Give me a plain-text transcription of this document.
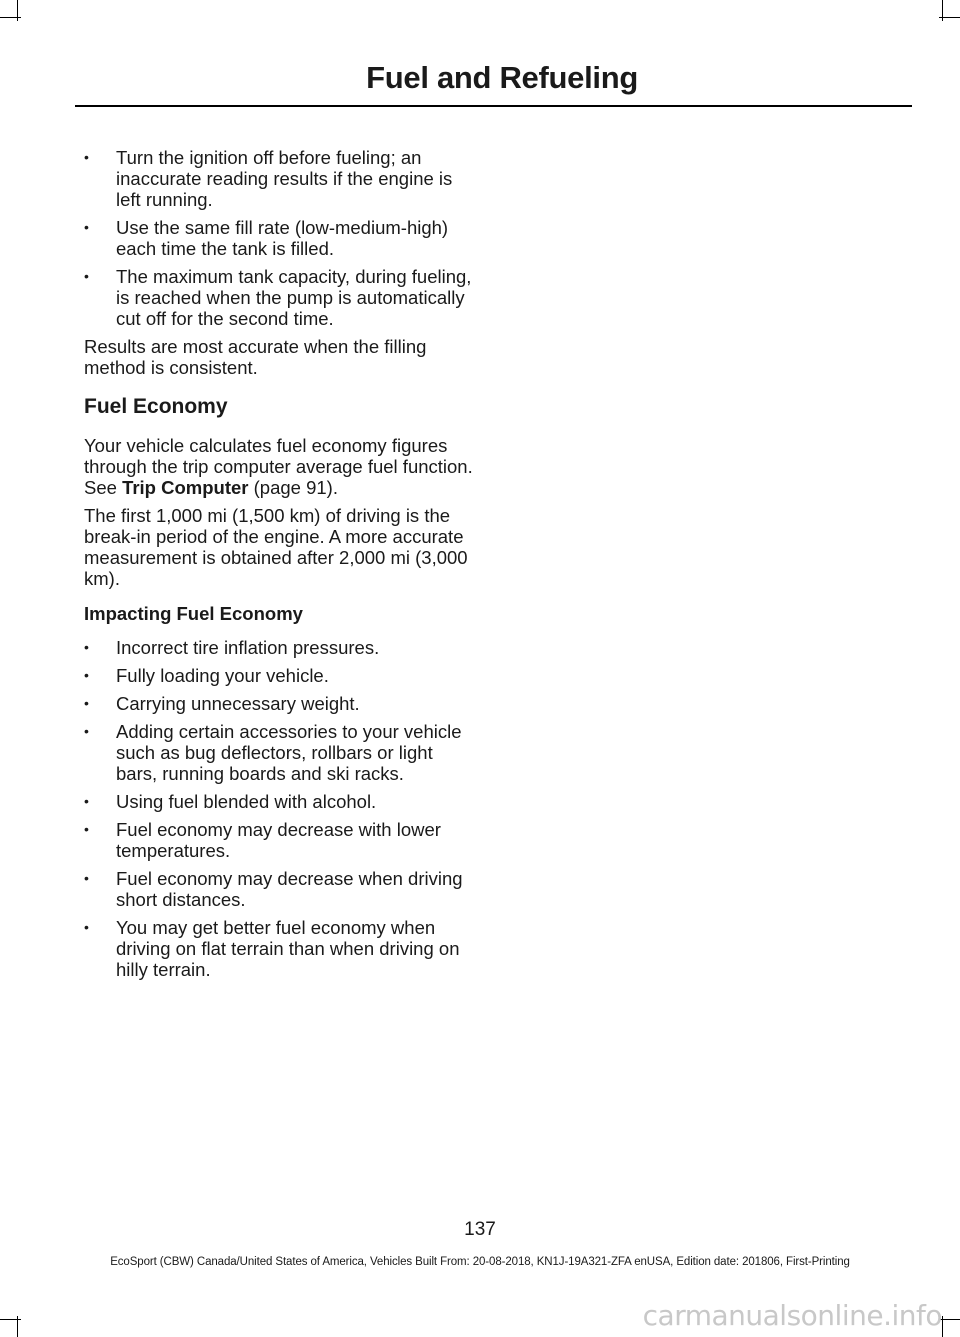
Fuel and Refueling
• Turn the ignition off before fueling; an inaccurate reading results if the engine is left running.
• Use the same fill rate (low-medium-high) each time the tank is filled.
• The maximum tank capacity, during fueling, is reached when the pump is automatically cut off for the second time.

Results are most accurate when the filling method is consistent.

Fuel Economy

Your vehicle calculates fuel economy figures through the trip computer average fuel function. See Trip Computer (page 91).

The first 1,000 mi (1,500 km) of driving is the break-in period of the engine. A more accurate measurement is obtained after 2,000 mi (3,000 km).

Impacting Fuel Economy
• Incorrect tire inflation pressures.
• Fully loading your vehicle.
• Carrying unnecessary weight.
• Adding certain accessories to your vehicle such as bug deflectors, rollbars or light bars, running boards and ski racks.
• Using fuel blended with alcohol.
• Fuel economy may decrease with lower temperatures.
• Fuel economy may decrease when driving short distances.
• You may get better fuel economy when driving on flat terrain than when driving on hilly terrain.
137
EcoSport (CBW) Canada/United States of America, Vehicles Built From: 20-08-2018, KN1J-19A321-ZFA enUSA, Edition date: 201806, First-Printing
carmanualsonline.info
